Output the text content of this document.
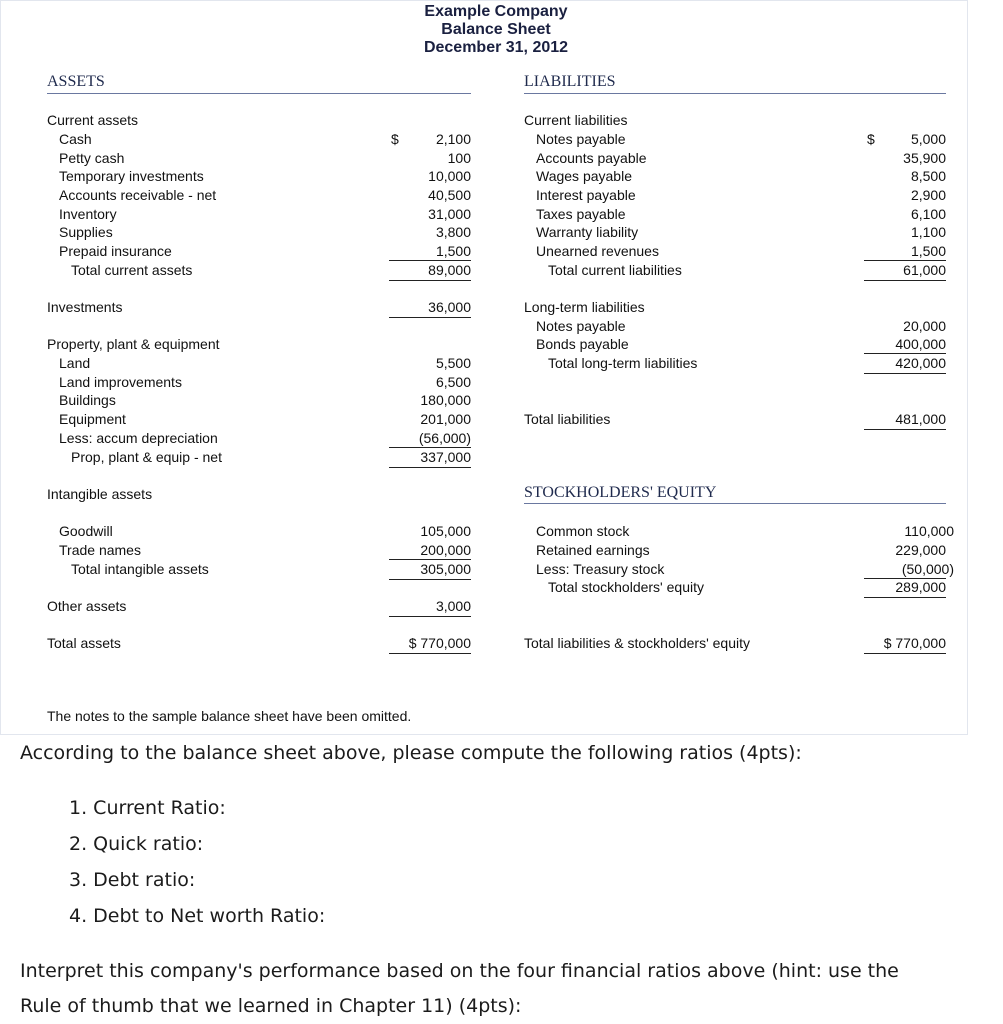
Example Company
Balance Sheet
December 31, 2012
ASSETS	LIABILITIES
Current assets
$
Cash	2,100
Petty cash	100
Temporary investments	10,000
Accounts receivable - net	40,500
Inventory	31,000
Supplies	3,800
Prepaid insurance	1,500
Total current assets	89,000
Investments	36,000
Property, plant & equipment
Land	5,500
Land improvements	6,500
Buildings	180,000
Equipment	201,000
Less: accum depreciation	(56,000)
Prop, plant & equip - net	337,000
Intangible assets
Goodwill	105,000
Trade names	200,000
Total intangible assets	305,000
Other assets	3,000
Total assets	$ 770,000
Current liabilities
$
Notes payable	5,000
Accounts payable	35,900
Wages payable	8,500
Interest payable	2,900
Taxes payable	6,100
Warranty liability	1,100
Unearned revenues	1,500
Total current liabilities	61,000
Long-term liabilities
Notes payable	20,000
Bonds payable	400,000
Total long-term liabilities	420,000
Total liabilities	481,000
STOCKHOLDERS' EQUITY
Common stock	110,000
Retained earnings	229,000
Less: Treasury stock	(50,000)
Total stockholders' equity	289,000
Total liabilities & stockholders' equity	$ 770,000
The notes to the sample balance sheet have been omitted.
According to the balance sheet above, please compute the following ratios (4pts):
1. Current Ratio:
2. Quick ratio:
3. Debt ratio:
4. Debt to Net worth Ratio:
Interpret this company's performance based on the four financial ratios above (hint: use the
Rule of thumb that we learned in Chapter 11) (4pts):
